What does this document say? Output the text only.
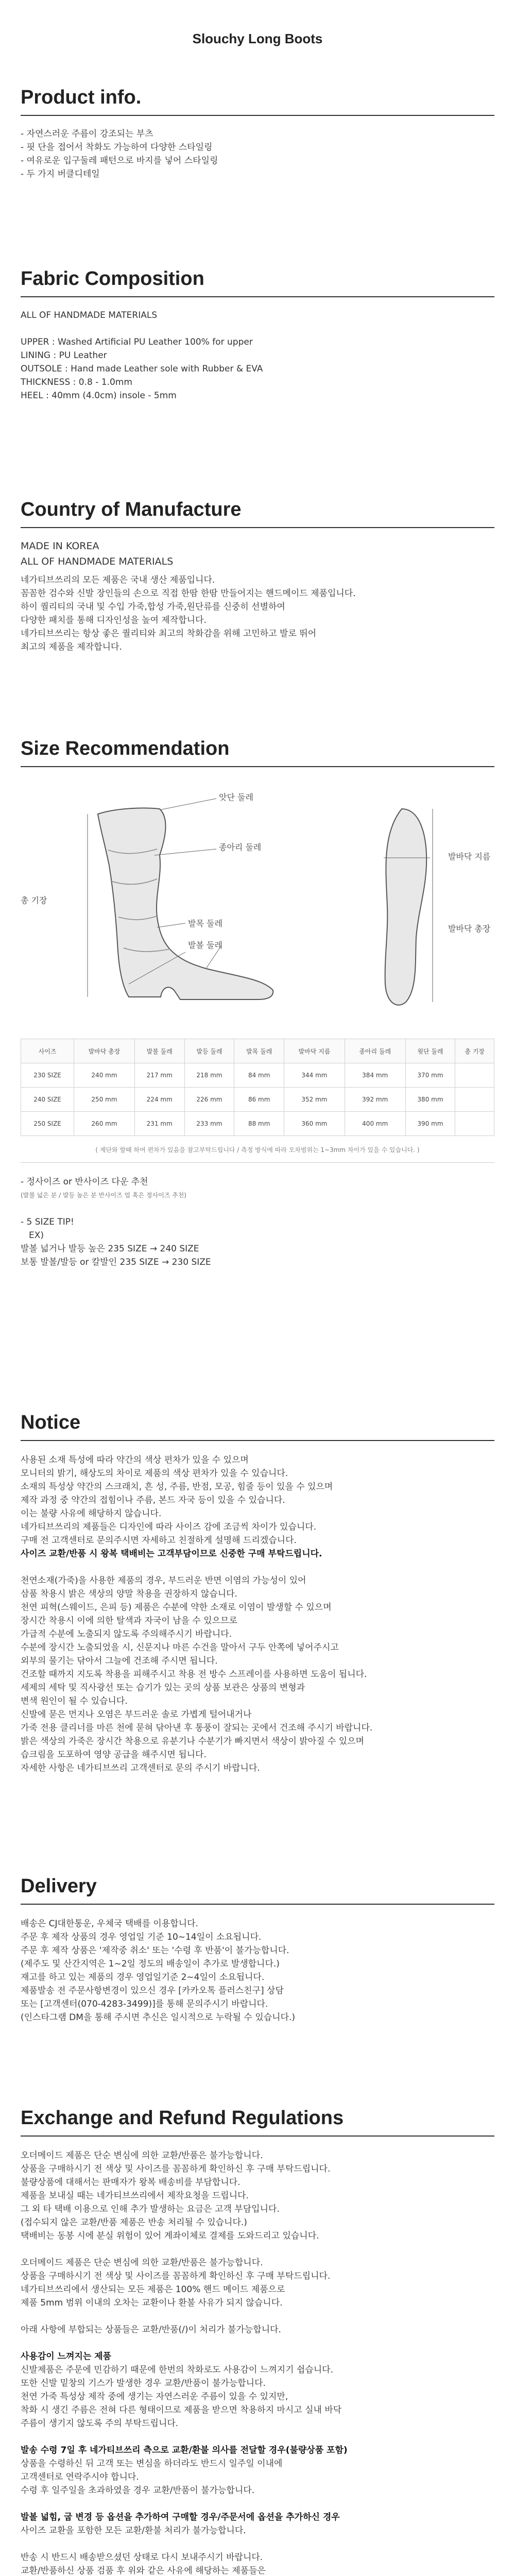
Slouchy Long Boots
Product info.
- 자연스러운 주름이 강조되는 부츠
- 핏 단을 접어서 착화도 가능하여 다양한 스타일링
- 여유로운 입구둘레 패턴으로 바지를 넣어 스타일링
- 두 가지 버클디테일
Fabric Composition
ALL OF HANDMADE MATERIALS
UPPER : Washed Artificial PU Leather 100% for upper
LINING : PU Leather
OUTSOLE : Hand made Leather sole with Rubber & EVA
THICKNESS : 0.8 - 1.0mm
HEEL : 40mm (4.0cm) insole - 5mm
Country of Manufacture
MADE IN KOREA
ALL OF HANDMADE MATERIALS
네가티브쓰리의 모든 제품은 국내 생산 제품입니다.
꼼꼼한 검수와 신발 장인들의 손으로 직접 한땀 한땀 만들어지는 핸드메이드 제품입니다.
하이 퀄리티의 국내 및 수입 가죽,합성 가죽,원단류를 신중히 선별하여
다양한 패치를 통해 디자인성을 높여 제작합니다.
네가티브쓰리는 항상 좋은 퀄리티와 최고의 착화감을 위해 고민하고 발로 뛰어
최고의 제품을 제작합니다.
Size Recommendation
앗단 둘레
종아리 둘레
총 기장
발목 둘레
발볼 둘레
발바닥 지름
발바닥 총장
사이즈	발바닥 총장	발볼 둘레	발등 둘레	발목 둘레	발바닥 지름	종아리 둘레	윗단 둘레	총 기장
230 SIZE	240 mm	217 mm	218 mm	84 mm	344 mm	384 mm	370 mm	
240 SIZE	250 mm	224 mm	226 mm	86 mm	352 mm	392 mm	380 mm	
250 SIZE	260 mm	231 mm	233 mm	88 mm	360 mm	400 mm	390 mm	
( 제단와 할때 하여 편차가 있음을 참고부탁드립니다 / 측정 방식에 따라 오차범위는 1~3mm 차이가 있을 수 있습니다. )
- 정사이즈 or 반사이즈 다운 추천
(발볼 넓은 분 / 발등 높은 분 반사이즈 업 혹은 정사이즈 추천)
- 5 SIZE TIP!
EX)
발볼 넓거나 발등 높은 235 SIZE → 240 SIZE
보통 발볼/발등 or 칼발인 235 SIZE → 230 SIZE
Notice
사용된 소재 특성에 따라 약간의 색상 편차가 있을 수 있으며
모니터의 밝기, 해상도의 차이로 제품의 색상 편차가 있을 수 있습니다.
소재의 특성상 약간의 스크래치, 흔 성, 주름, 반점, 모공, 힘줄 등이 있을 수 있으며
제작 과정 중 약간의 접힘이나 주름, 본드 자국 등이 있을 수 있습니다.
이는 불량 사유에 해당하지 않습니다.
네가티브쓰리의 제품들은 디자인에 따라 사이즈 감에 조금씩 차이가 있습니다.
구매 전 고객센터로 문의주시면 자세하고 친절하게 설명해 드리겠습니다.
사이즈 교환/반품 시 왕복 택배비는 고객부담이므로 신중한 구매 부탁드립니다.
천연소재(가죽)을 사용한 제품의 경우, 부드러운 반면 이염의 가능성이 있어
삼품 착용시 밝은 색상의 양말 착용을 권장하지 않습니다.
천연 피혁(스웨이드, 은피 등) 제품은 수분에 약한 소재로 이염이 발생할 수 있으며
장시간 착용시 이에 의한 탈색과 자국이 남을 수 있으므로
가급적 수분에 노출되지 않도록 주의해주시기 바랍니다.
수분에 장시간 노출되었을 시, 신문지나 마른 수건을 말아서 구두 안쪽에 넣어주시고
외부의 물기는 닦아서 그늘에 건조해 주시면 됩니다.
건조할 때까지 지도록 착용을 피해주시고 착용 전 방수 스프레이를 사용하면 도움이 됩니다.
세제의 세탁 및 직사광선 또는 습기가 있는 곳의 상품 보관은 상품의 변형과
변색 원인이 될 수 있습니다.
신발에 묻은 먼지나 오염은 부드러운 솔로 가볍게 털어내거나
가죽 전용 클리너를 마른 천에 묻혀 닦아낸 후 통풍이 잘되는 곳에서 건조해 주시기 바랍니다.
밝은 색상의 가죽은 장시간 착용으로 유분기나 수분기가 빠지면서 색상이 밝아질 수 있으며
습크림을 도포하여 영양 공급을 해주시면 됩니다.
자세한 사항은 네가티브쓰리 고객센터로 문의 주시기 바랍니다.
Delivery
배송은 CJ대한통운, 우체국 택배를 이용합니다.
주문 후 제작 상품의 경우 영업일 기준 10~14일이 소요됩니다.
주문 후 제작 상품은 '제작중 취소' 또는 '수령 후 반품'이 불가능합니다.
(제주도 및 산간지역은 1~2일 정도의 배송일이 추가로 발생합니다.)
재고를 하고 있는 제품의 경우 영업일기준 2~4일이 소요됩니다.
제품발송 전 주문사항변경이 있으신 경우 [카카오톡 플러스친구] 상담
또는 [고객센터(070-4283-3499)]를 통해 문의주시기 바랍니다.
(인스타그램 DM을 통해 주시면 추신은 일시적으로 누락될 수 있습니다.)
Exchange and Refund Regulations
오더메이드 제품은 단순 변심에 의한 교환/반품은 불가능합니다.
상품을 구매하시기 전 색상 및 사이즈를 꼼꼼하게 확인하신 후 구매 부탁드립니다.
불량상품에 대해서는 판매자가 왕복 배송비를 부담합니다.
제품을 보내실 때는 네가티브쓰리에서 제작요청을 드립니다.
그 외 타 택배 이용으로 인해 추가 발생하는 요금은 고객 부담입니다.
(접수되지 않은 교환/반품 제품은 반송 처리될 수 있습니다.)
택배비는 동봉 시에 분실 위험이 있어 계좌이체로 결제를 도와드리고 있습니다.
오더메이드 제품은 단순 변심에 의한 교환/반품은 불가능합니다.
상품을 구매하시기 전 색상 및 사이즈를 꼼꼼하게 확인하신 후 구매 부탁드립니다.
네가티브쓰리에서 생산되는 모든 제품은 100% 핸드 메이드 제품으로
제품 5mm 범위 이내의 오차는 교환이나 환불 사유가 되지 않습니다.
아래 사항에 부합되는 상품들은 교환/반품(/)이 처리가 불가능합니다.
사용감이 느껴지는 제품
신발제품은 주문에 민감하기 때문에 한번의 착화로도 사용감이 느껴지기 쉽습니다.
또한 신발 밑창의 기스가 발생한 경우 교환/반품이 불가능합니다.
천연 가죽 특성상 제작 중에 생기는 자연스러운 주름이 있을 수 있지만,
착화 시 생긴 주름은 전혀 다른 형태이므로 제품을 받으면 착용하지 마시고 실내 바닥
주름이 생기지 않도록 주의 부탁드립니다.
발송 수령 7일 후 네가티브쓰리 측으로 교환/환불 의사를 전달할 경우(불량상품 포함)
상품을 수령하신 뒤 고객 또는 변심을 하더라도 반드시 일주일 이내에
고객센터로 연락주시야 합니다.
수령 후 일주일을 초과하였을 경우 교환/반품이 불가능합니다.
발볼 넓힘, 굽 변경 등 옵션을 추가하여 구매할 경우/주문서에 옵션을 추가하신 경우
사이즈 교환을 포함한 모든 교환/환불 처리가 불가능합니다.
반송 시 반드시 배송받으셨던 상태로 다시 보내주시기 바랍니다.
교환/반품하신 상품 검품 후 위와 같은 사유에 해당하는 제품들은
